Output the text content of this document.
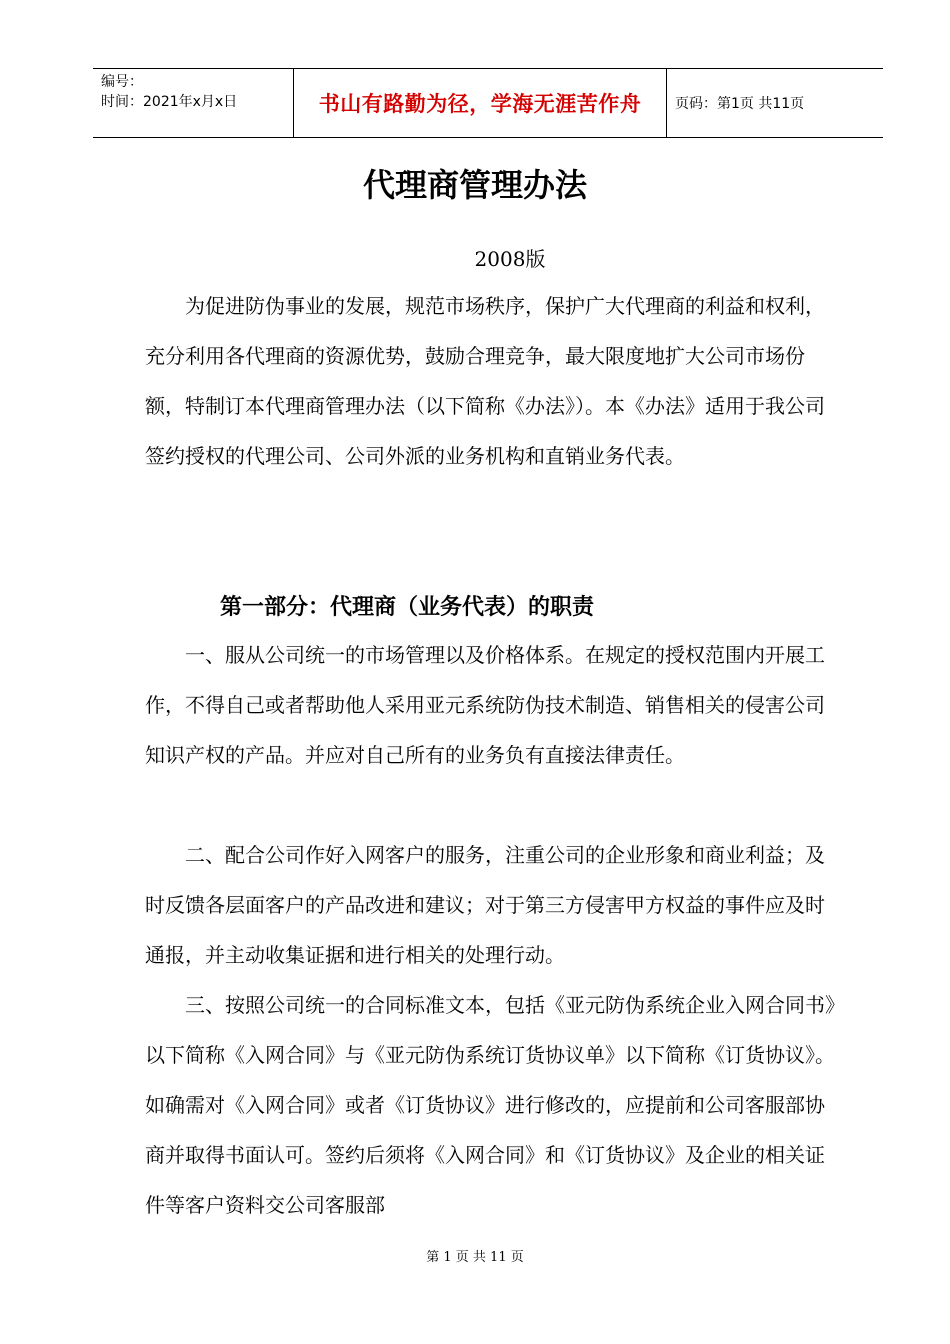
编号：
时间：2021年x月x日	书山有路勤为径，学海无涯苦作舟 页码：第1页 共11页
代理商管理办法
2008版

为促进防伪事业的发展，规范市场秩序，保护广大代理商的利益和权利，充分利用各代理商的资源优势，鼓励合理竞争，最大限度地扩大公司市场份额，特制订本代理商管理办法（以下简称《办法》）。本《办法》适用于我公司签约授权的代理公司、公司外派的业务机构和直销业务代表。

第一部分：代理商（业务代表）的职责

一、服从公司统一的市场管理以及价格体系。在规定的授权范围内开展工作，不得自己或者帮助他人采用亚元系统防伪技术制造、销售相关的侵害公司知识产权的产品。并应对自己所有的业务负有直接法律责任。

二、配合公司作好入网客户的服务，注重公司的企业形象和商业利益；及时反馈各层面客户的产品改进和建议；对于第三方侵害甲方权益的事件应及时通报，并主动收集证据和进行相关的处理行动。

三、按照公司统一的合同标准文本，包括《亚元防伪系统企业入网合同书》以下简称《入网合同》与《亚元防伪系统订货协议单》以下简称《订货协议》。如确需对《入网合同》或者《订货协议》进行修改的，应提前和公司客服部协商并取得书面认可。签约后须将《入网合同》和《订货协议》及企业的相关证件等客户资料交公司客服部

第 1 页 共 11 页
